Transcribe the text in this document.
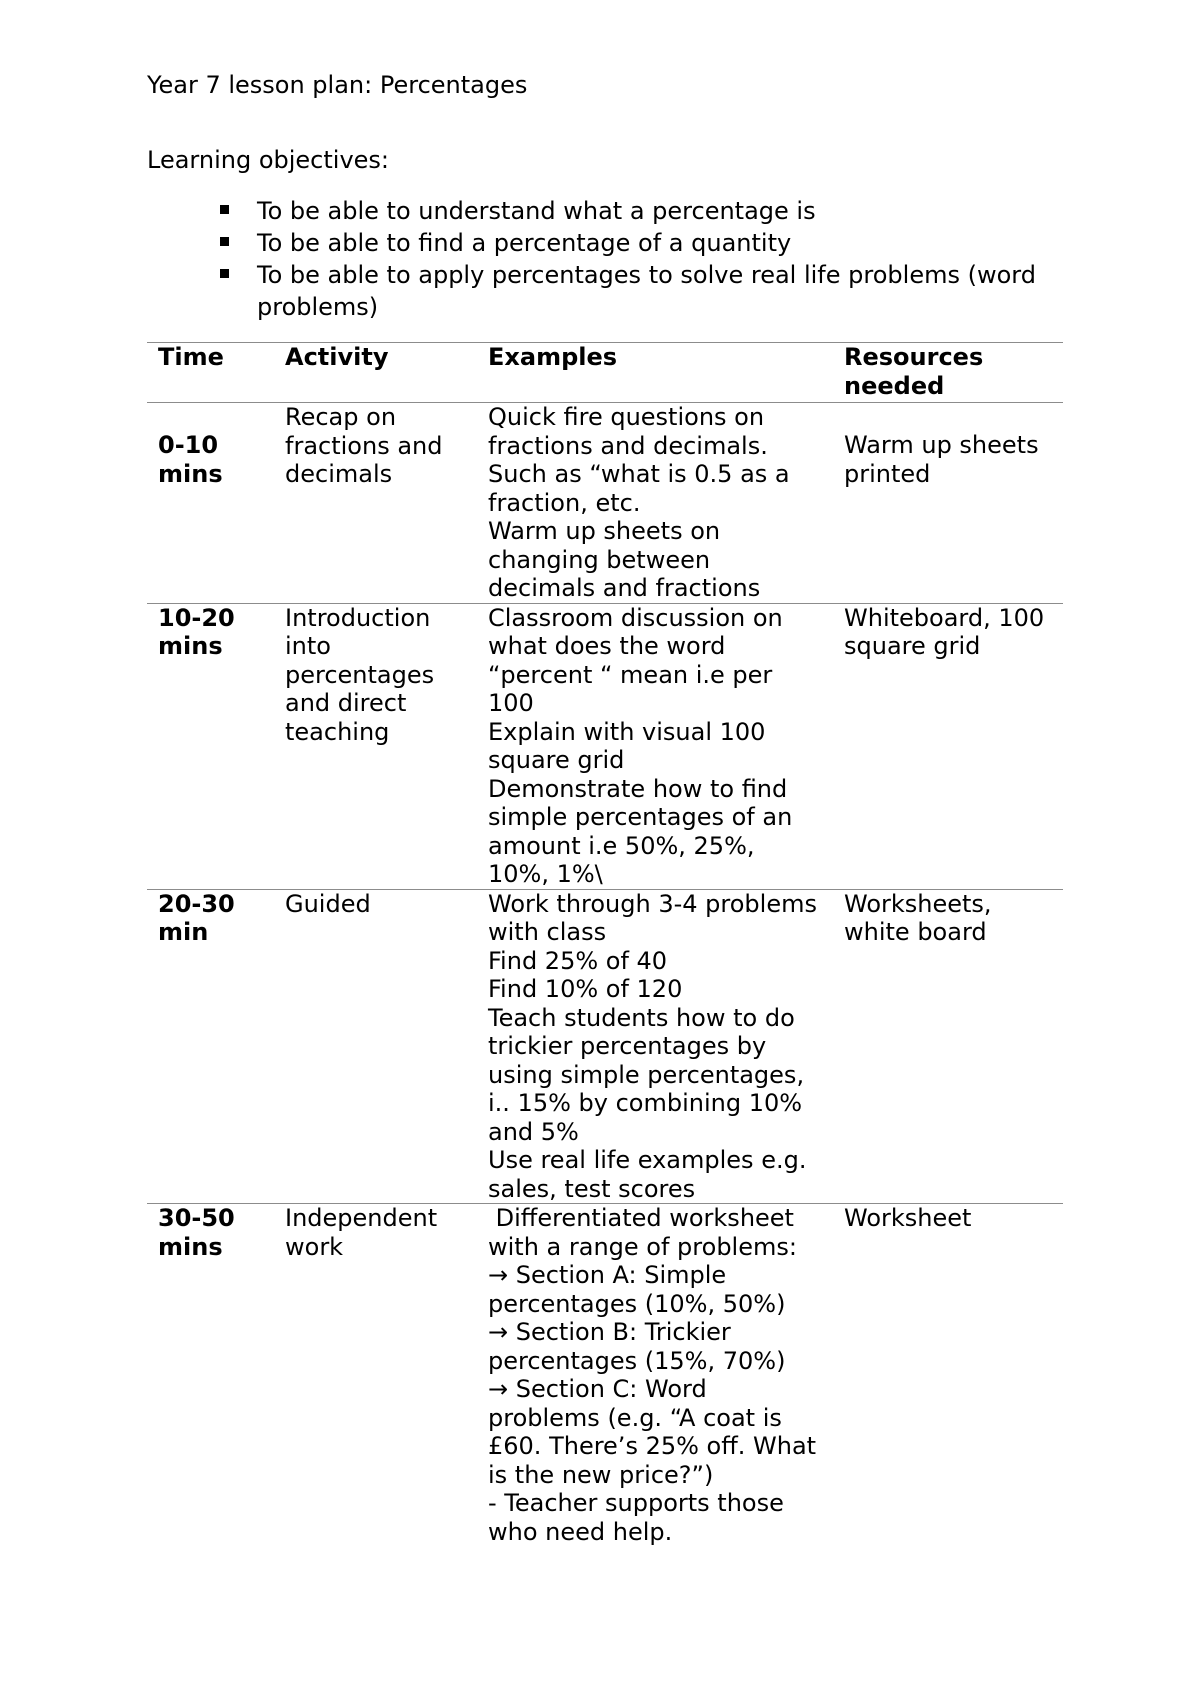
Year 7 lesson plan: Percentages
Learning objectives:
To be able to understand what a percentage is
To be able to find a percentage of a quantity
To be able to apply percentages to solve real life problems (word problems)
Time	Activity	Examples	Resources needed
0-10 mins	Recap on fractions and decimals	Quick fire questions on fractions and decimals.
Such as “what is 0.5 as a fraction, etc.
Warm up sheets on changing between decimals and fractions	Warm up sheets printed
10-20 mins	Introduction into percentages and direct teaching	Classroom discussion on what does the word “percent “ mean i.e per 100
Explain with visual 100 square grid
Demonstrate how to find simple percentages of an amount i.e 50%, 25%, 10%, 1%\	Whiteboard, 100 square grid
20-30 min	Guided	Work through 3-4 problems with class
Find 25% of 40
Find 10% of 120
Teach students how to do trickier percentages by using simple percentages, i.. 15% by combining 10% and 5%
Use real life examples e.g. sales, test scores	Worksheets, white board
30-50 mins	Independent work	Differentiated worksheet with a range of problems:
→ Section A: Simple percentages (10%, 50%)
→ Section B: Trickier percentages (15%, 70%)
→ Section C: Word problems (e.g. “A coat is £60. There’s 25% off. What is the new price?”)
- Teacher supports those who need help.	Worksheet
